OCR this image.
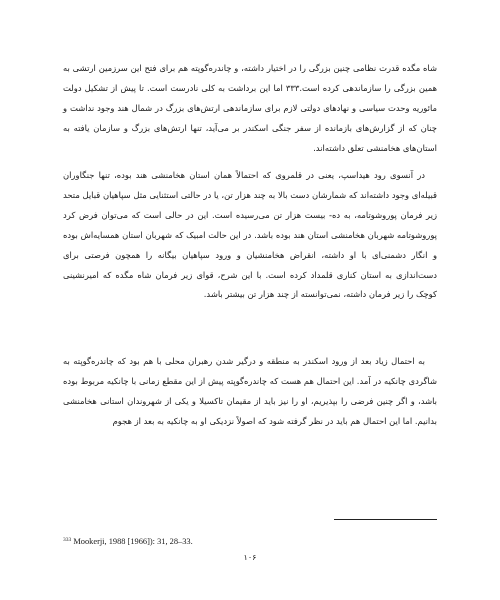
شاه مگده قدرت نظامی چنین بزرگی را در اختیار داشته، و چاندره‌گوپته هم برای فتح این سرزمین ارتشی به همین بزرگی را سازماندهی کرده است.۳۳۳ اما این برداشت به کلی نادرست است. تا پیش از تشکیل دولت مائوریه وحدت سیاسی و نهادهای دولتی لازم برای سازماندهی ارتش‌های بزرگ در شمال هند وجود نداشت و چنان که از گزارش‌های بازمانده از سفر جنگی اسکندر بر می‌آید، تنها ارتش‌های بزرگ و سازمان یافته به استان‌های هخامنشی تعلق داشته‌اند.
در آنسوی رود هیداسپ، یعنی در قلمروی که احتمالاً همان استان هخامنشی هند بوده، تنها جنگاوران قبیله‌ای وجود داشته‌اند که شمارشان دست بالا به چند هزار تن، یا در حالتی استثنایی مثل سپاهیان قبایل متحد زیر فرمان پوروشوتامه، به ده- بیست هزار تن می‌رسیده است. این در حالی است که می‌توان فرض کرد پوروشوتامه شهربان هخامنشی استان هند بوده باشد. در این حالت امبیک که شهربان استان همسایه‌اش بوده و انگار دشمنی‌ای با او داشته، انقراض هخامنشیان و ورود سپاهیان بیگانه را همچون فرصتی برای دست‌اندازی به استان کناری قلمداد کرده است. با این شرح، قوای زیر فرمان شاه مگده که امیرنشینی کوچک را زیر فرمان داشته، نمی‌توانسته از چند هزار تن بیشتر باشد.
به احتمال زیاد بعد از ورود اسکندر به منطقه و درگیر شدن رهبران محلی با هم بود که چاندره‌گوپته به شاگردی چانکیه در آمد. این احتمال هم هست که چاندره‌گوپته پیش از این مقطع زمانی با چانکیه مربوط بوده باشد، و اگر چنین فرضی را بپذیریم، او را نیز باید از مقیمان تاکسیلا و یکی از شهروندان استانی هخامنشی بدانیم. اما این احتمال هم باید در نظر گرفته شود که اصولاً نزدیکی او به چانکیه به بعد از هجوم
$^{333}$ Mookerji, 1988 [1966]): 31, 28–33.
۱۰۶
